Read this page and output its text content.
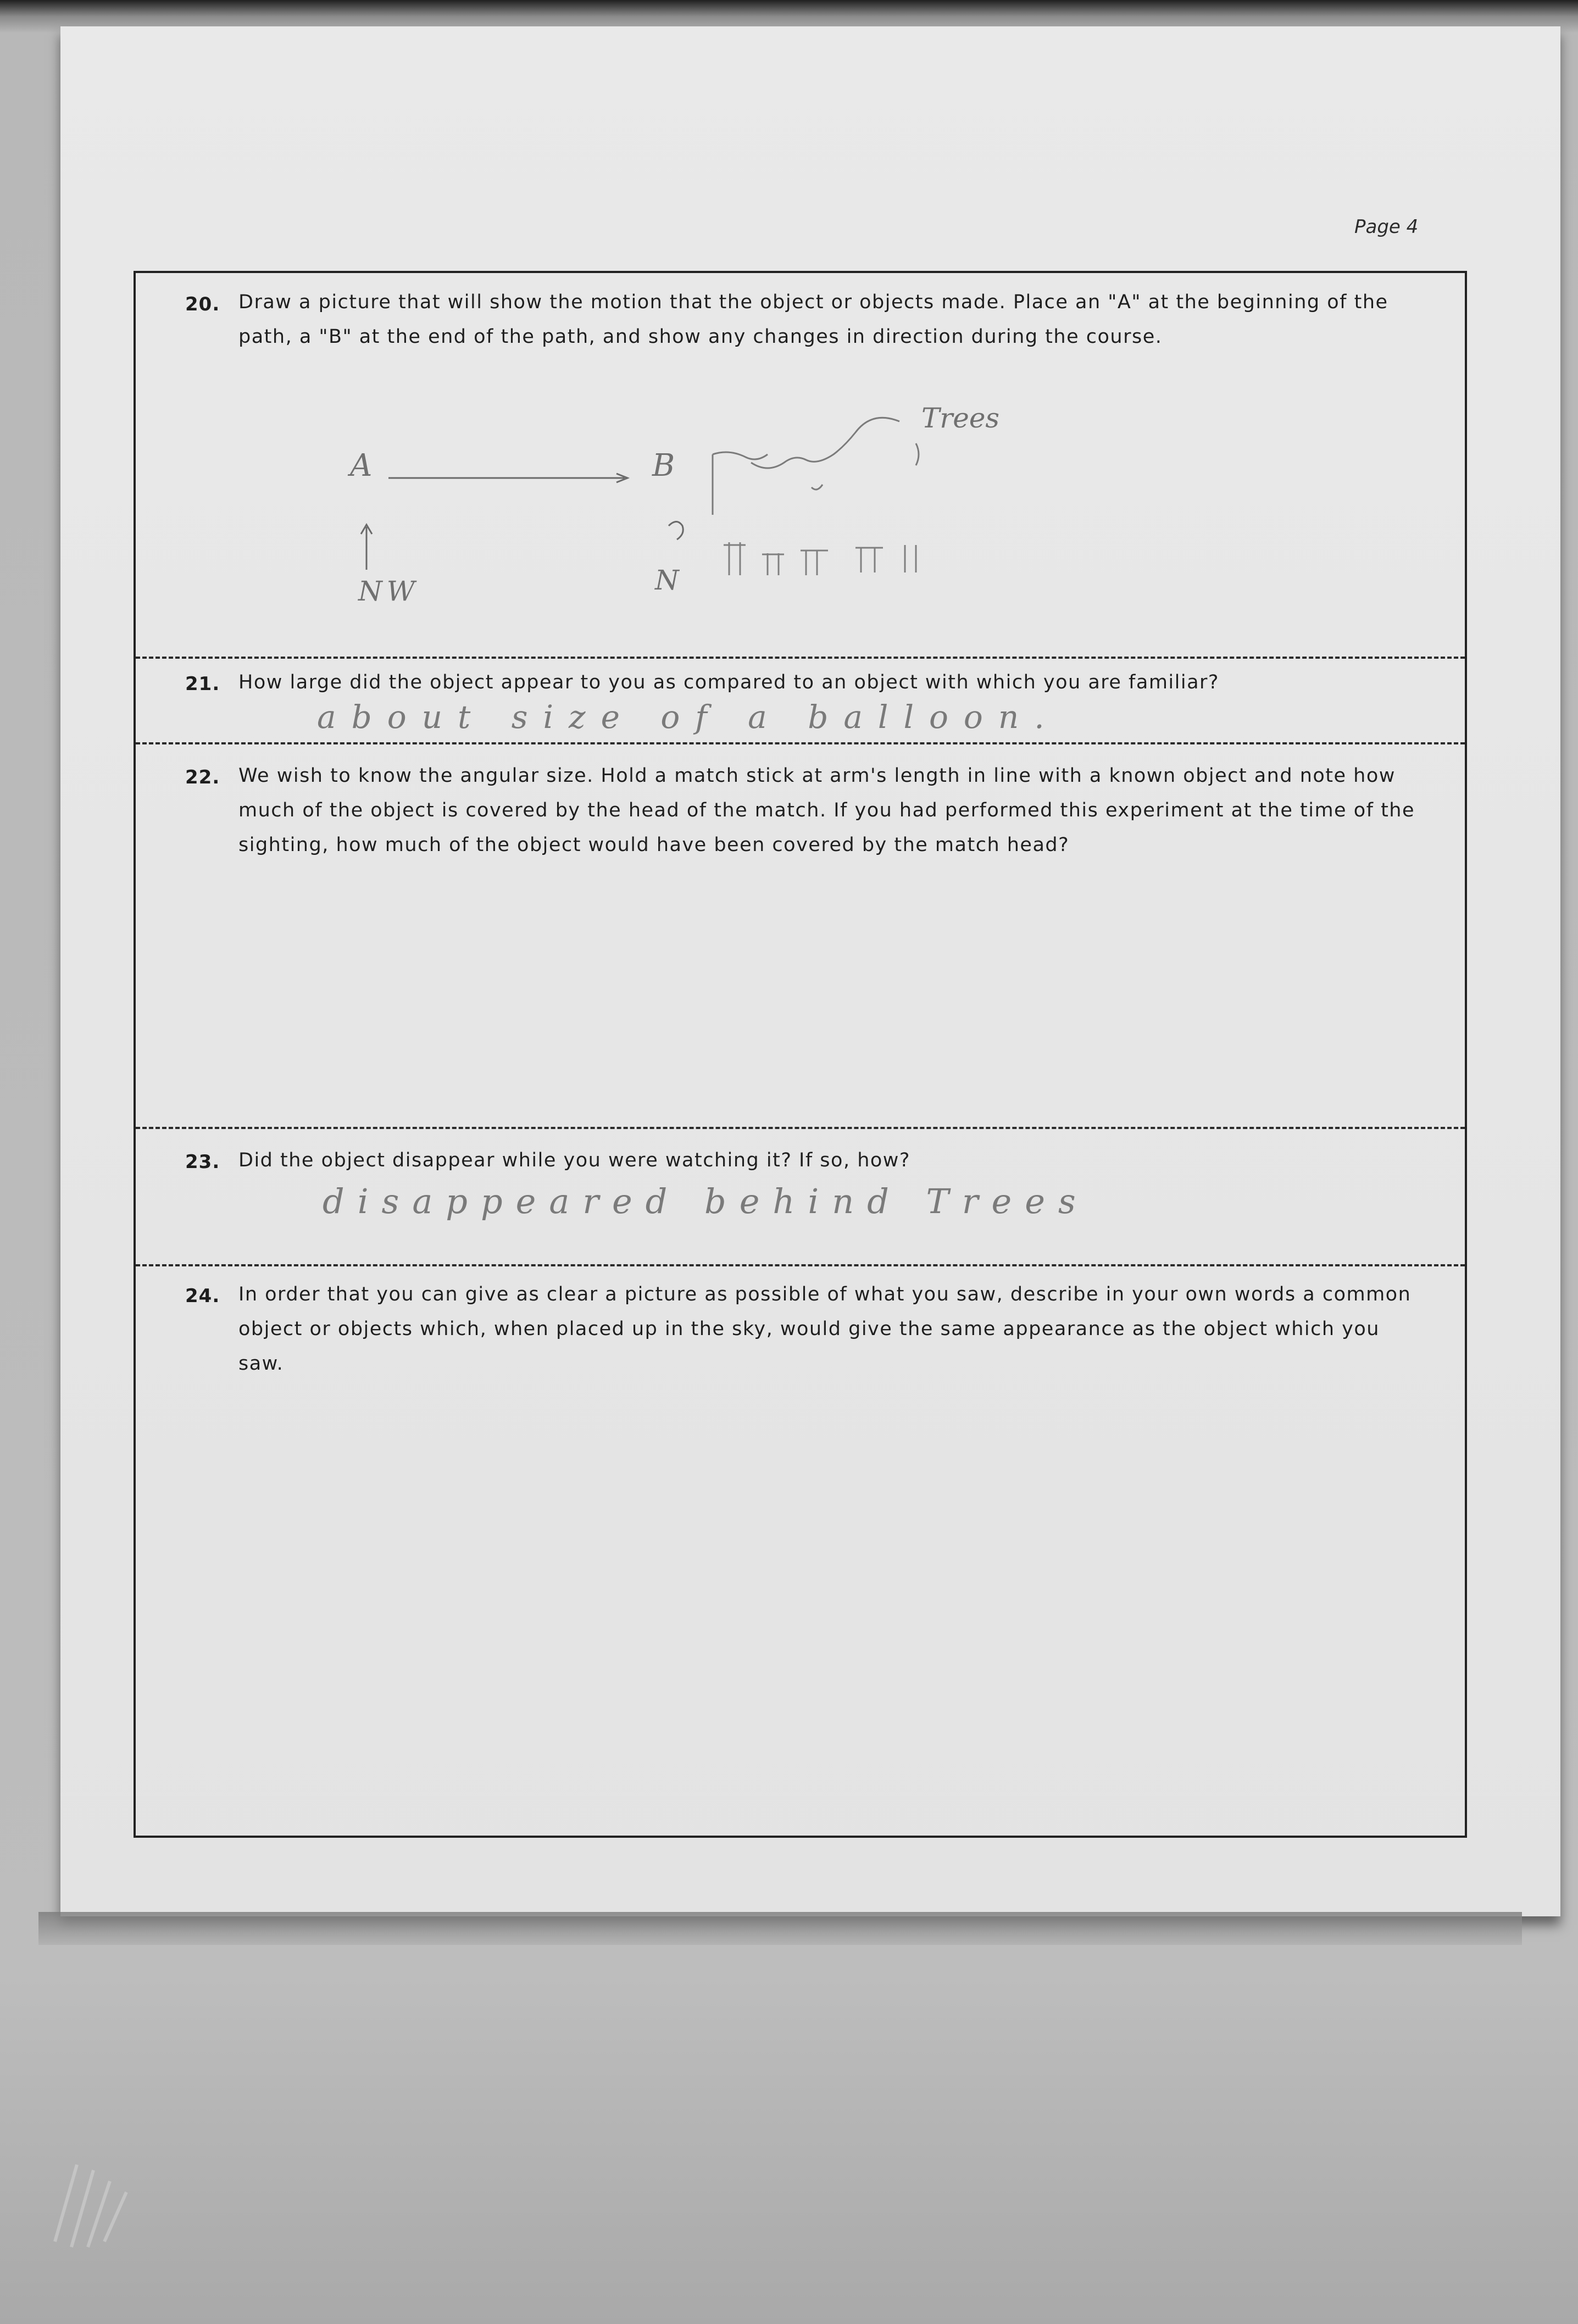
Page 4
20. Draw a picture that will show the motion that the object or objects made. Place an "A" at the beginning of the path, a "B" at the end of the path, and show any changes in direction during the course.
A	B
NW	N
Trees
21. How large did the object appear to you as compared to an object with which you are familiar?
about size of a balloon.
22. We wish to know the angular size. Hold a match stick at arm's length in line with a known object and note how much of the object is covered by the head of the match. If you had performed this experiment at the time of the sighting, how much of the object would have been covered by the match head?
23. Did the object disappear while you were watching it? If so, how?
disappeared behind Trees
24. In order that you can give as clear a picture as possible of what you saw, describe in your own words a common object or objects which, when placed up in the sky, would give the same appearance as the object which you saw.
